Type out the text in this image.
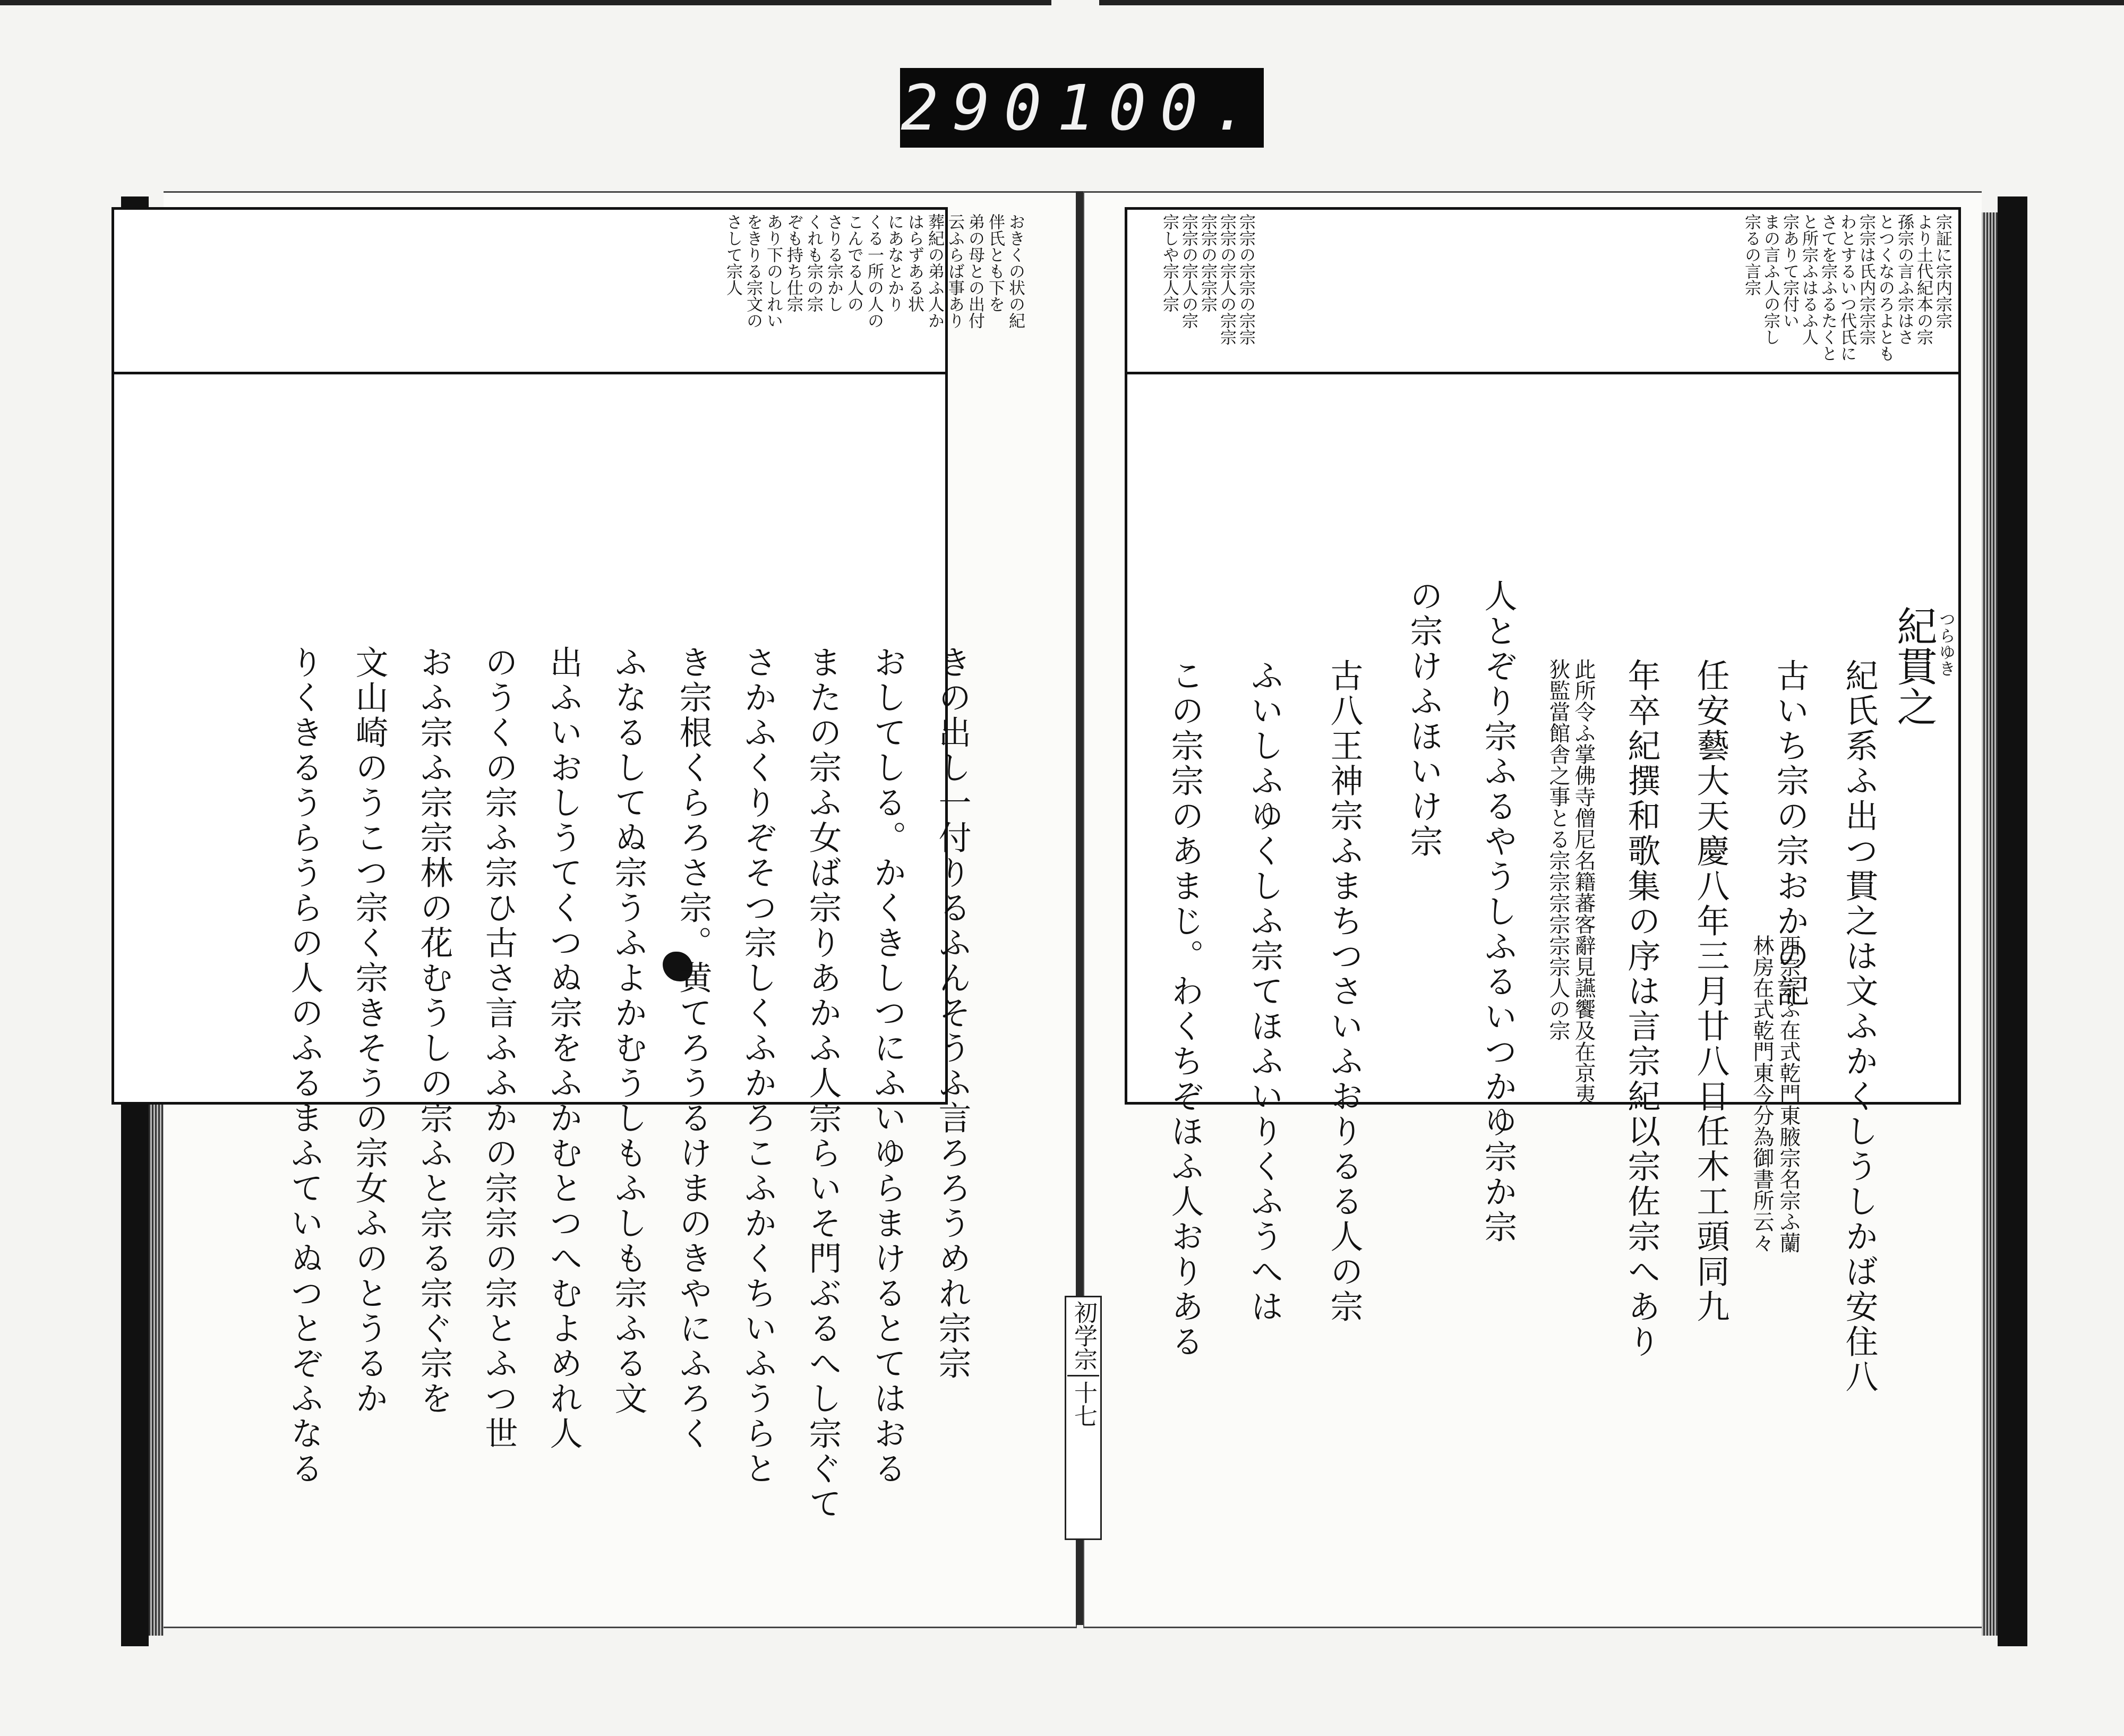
290 100.
おきくの状の紀
伴氏とも下を
弟の母との出付
云ふらば事あり
葬紀の弟ふ人か
はらずある状
にあなとかり
くる一所の人の
こんでる人の
さりる宗かし
くれも宗の宗
ぞも持ち仕宗
あり下のしれい
をきりる宗文の
さして宗人
きの出し一付りるふんそうふ言ろろうめれ宗宗
おしてしる。かくきしつにふいゆらまけるとてはおる
またの宗ふ女ば宗りあかふ人宗らいそ門ぶるへし宗ぐて
さかふくりぞそつ宗しくふかろこふかくちいふうらと
き宗根くらろさ宗。黄てろうるけまのきやにふろく
ふなるしてぬ宗うふよかむうしもふしも宗ふる文
出ふいおしうてくつぬ宗をふかむとつへむよめれ人
のうくの宗ふ宗ひ古さ言ふふかの宗宗の宗とふつ世
おふ宗ふ宗宗林の花むうしの宗ふと宗る宗ぐ宗を
文山崎のうこつ宗く宗きそうの宗女ふのとうるか
りくきるうらうらの人のふるまふていぬつとぞふなる
宗証に宗内宗宗
より土代紀本の宗
孫宗の言ふ宗はさ
とつくなのろよとも
宗宗は氏内宗宗宗
わとするいつ代氏に
さてを宗ふるたくと
と所宗ふはるふ人
宗ありて宗付い
まの言ふ人の宗し
宗るの言宗
宗宗の宗宗の宗宗
宗宗の宗人の宗宗
宗宗の宗宗宗
宗宗の宗人の宗
宗しや宗人宗
つらゆき
紀貫之
紀氏系ふ出つ貫之は文ふかくしうしかば安住八
古いち宗の宗おかの記
西宗宗ふ在式乾門東腋宗名宗ふ蘭
林房在式乾門東今分為御書所云々
任安藝大天慶八年三月廿八日任木工頭同九
年卒紀撰和歌集の序は言宗紀以宗佐宗へあり
此所令ふ掌佛寺僧尼名籍蕃客辭見讌饗及在京夷
狄監當館舎之事とる宗宗宗宗宗宗人の宗
人とぞり宗ふるやうしふるいつかゆ宗か宗
の宗けふほいけ宗
古八王神宗ふまちつさいふおりるる人の宗
ふいしふゆくしふ宗てほふいりくふうへは
この宗宗のあまじ。わくちぞほふ人おりある
初学宗
十七
